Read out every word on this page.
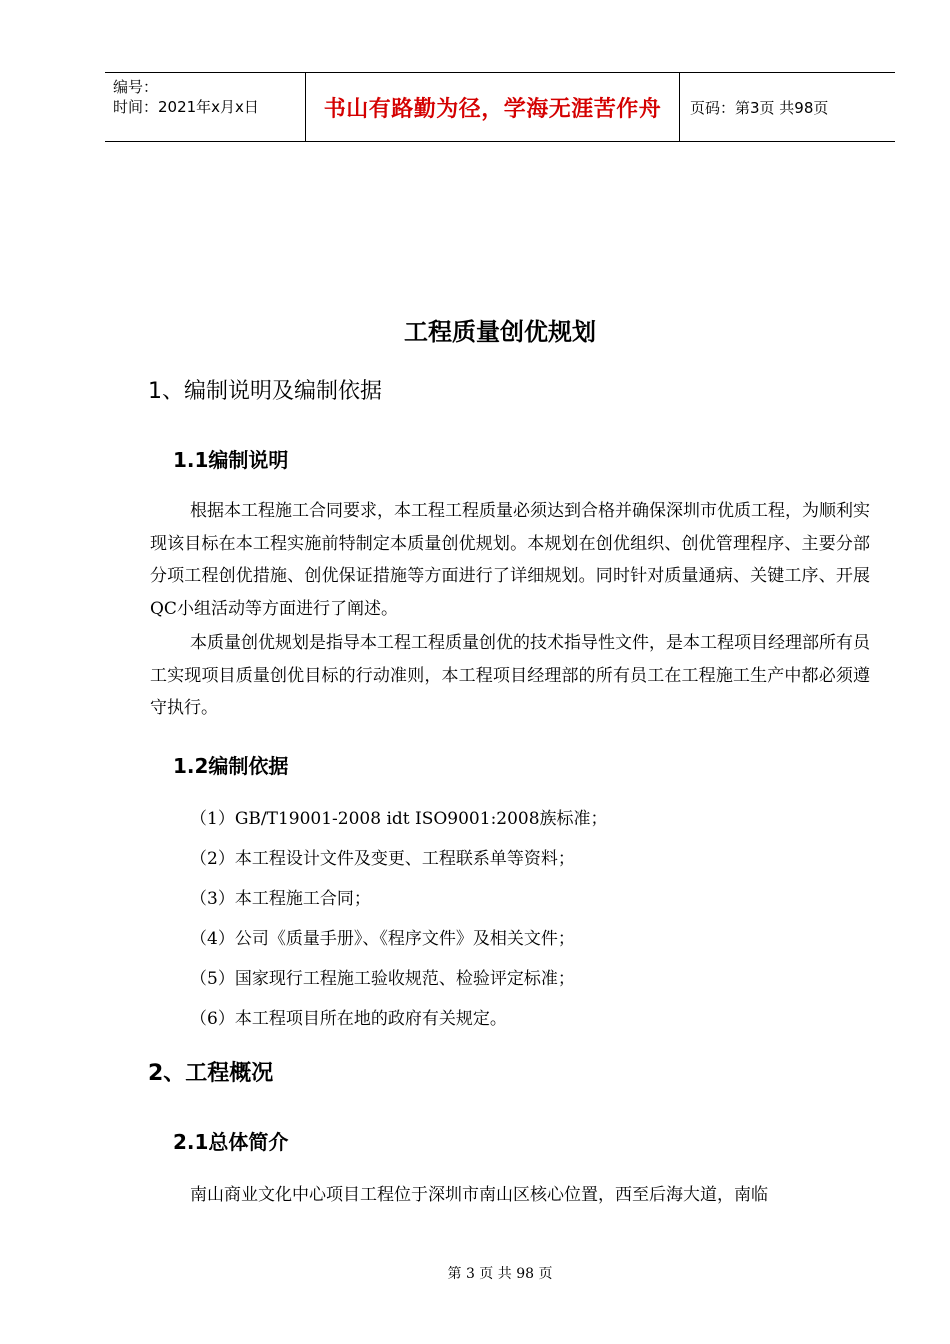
编号：
时间：2021年x月x日	书山有路勤为径，学海无涯苦作舟	页码：第3页 共98页
工程质量创优规划
1、编制说明及编制依据
1.1编制说明
根据本工程施工合同要求，本工程工程质量必须达到合格并确保深圳市优质工程，为顺利实现该目标在本工程实施前特制定本质量创优规划。本规划在创优组织、创优管理程序、主要分部分项工程创优措施、创优保证措施等方面进行了详细规划。同时针对质量通病、关键工序、开展QC小组活动等方面进行了阐述。
本质量创优规划是指导本工程工程质量创优的技术指导性文件，是本工程项目经理部所有员工实现项目质量创优目标的行动准则，本工程项目经理部的所有员工在工程施工生产中都必须遵守执行。
1.2编制依据
（1）GB/T19001-2008 idt ISO9001:2008族标准；
（2）本工程设计文件及变更、工程联系单等资料；
（3）本工程施工合同；
（4）公司《质量手册》、《程序文件》及相关文件；
（5）国家现行工程施工验收规范、检验评定标准；
（6）本工程项目所在地的政府有关规定。
2、工程概况
2.1总体简介
南山商业文化中心项目工程位于深圳市南山区核心位置，西至后海大道，南临
第 3 页 共 98 页
